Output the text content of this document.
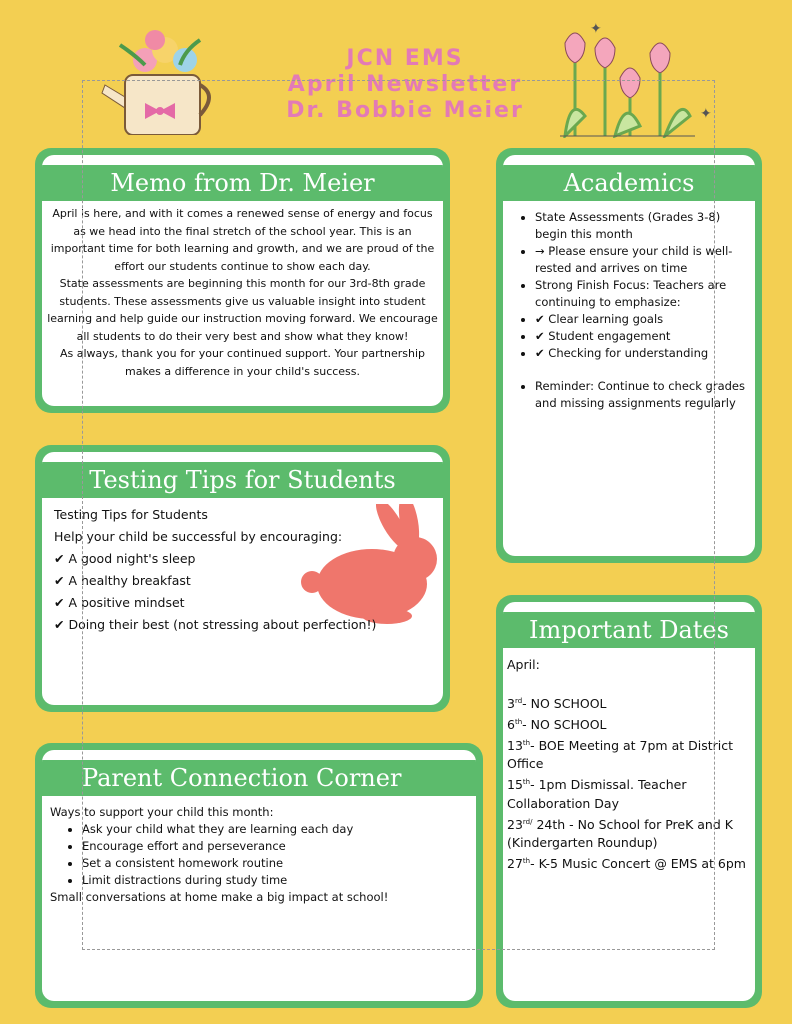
✦
✦
JCN EMS
April Newsletter
Dr. Bobbie Meier
Memo from Dr. Meier
April is here, and with it comes a renewed sense of energy and focus as we head into the final stretch of the school year. This is an important time for both learning and growth, and we are proud of the effort our students continue to show each day.
State assessments are beginning this month for our 3rd-8th grade students. These assessments give us valuable insight into student learning and help guide our instruction moving forward. We encourage all students to do their very best and show what they know!
As always, thank you for your continued support. Your partnership makes a difference in your child's success.
Academics
• State Assessments (Grades 3-8) begin this month
• → Please ensure your child is well-rested and arrives on time
• Strong Finish Focus: Teachers are continuing to emphasize:
• ✔ Clear learning goals
• ✔ Student engagement
• ✔ Checking for understanding
• Reminder: Continue to check grades and missing assignments regularly
Testing Tips for Students
Testing Tips for Students
Help your child be successful by encouraging:
✔ A good night's sleep
✔ A healthy breakfast
✔ A positive mindset
✔ Doing their best (not stressing about perfection!)	Important Dates
April:

3rd- NO SCHOOL
6th- NO SCHOOL
13th- BOE Meeting at 7pm at District Office
15th- 1pm Dismissal. Teacher Collaboration Day
$23^{rd/}$ 24th - No School for PreK and K (Kindergarten Roundup)
27th- K-5 Music Concert @ EMS at 6pm
Parent Connection Corner
Ways to support your child this month:
• Ask your child what they are learning each day
• Encourage effort and perseverance
• Set a consistent homework routine
• Limit distractions during study time
Small conversations at home make a big impact at school!
